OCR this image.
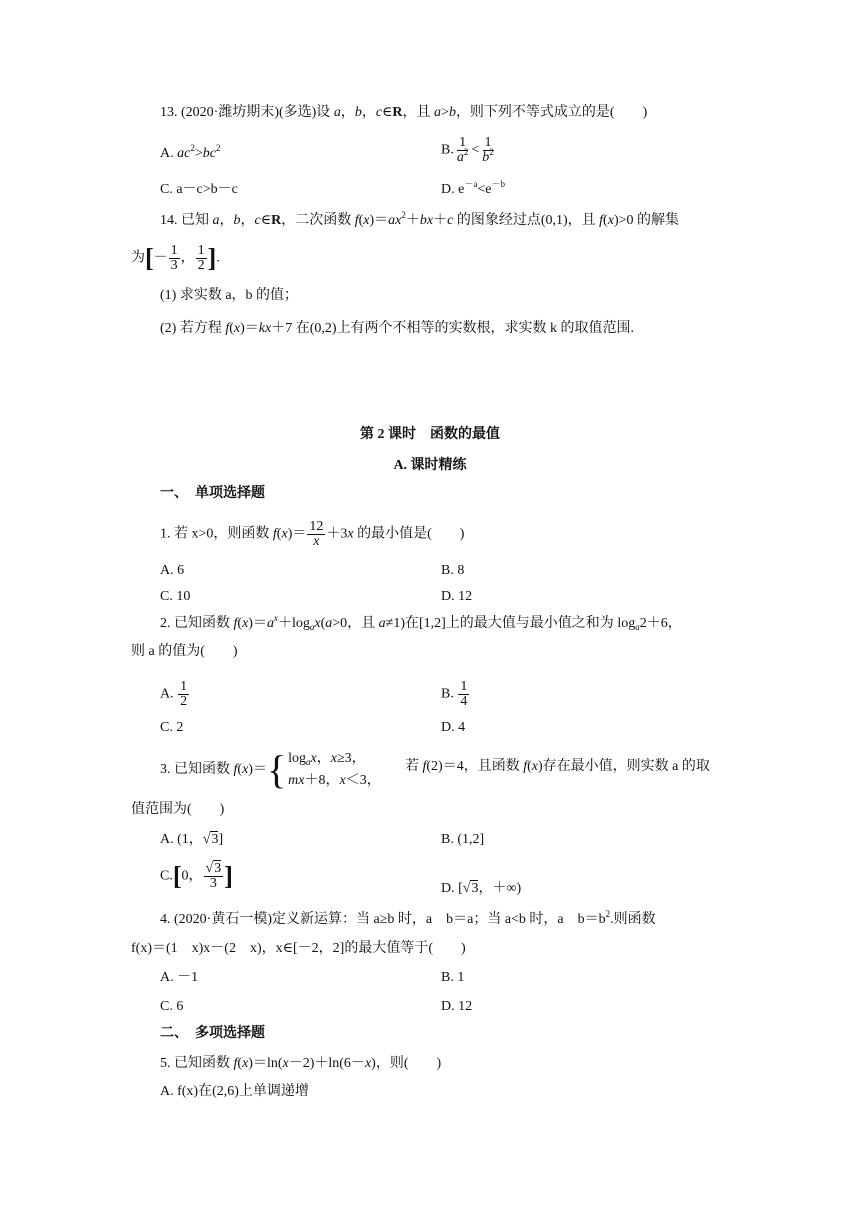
13. (2020·潍坊期末)(多选)设 a，b，c∈R，且 a>b，则下列不等式成立的是(　　)
A. $ac^2>bc^2$	B. $\frac{1}{a^2} < \frac{1}{b^2}$
C. a－c>b－c	D. $e^{-a}<e^{-b}$
14. 已知 a，b，c∈R，二次函数 $f(x)=ax^2+bx+c$ 的图象经过点(0,1)，且 f(x)>0 的解集
为[－ $\frac{1}{3}$ ， $\frac{1}{2}$ ].
(1) 求实数 a，b 的值；
(2) 若方程 f(x)＝kx＋7 在(0,2)上有两个不相等的实数根，求实数 k 的取值范围.
第 2 课时　函数的最值
A. 课时精练
一、　单项选择题
1. 若 x>0，则函数 $f(x)= \frac{12}{x} +3x$ 的最小值是(　　)
A. 6	B. 8
C. 10	D. 12
2. 已知函数 $f(x)=a^x+\log_ax(a>0$，且 a≠1)在[1,2]上的最大值与最小值之和为 $\log_a2+6$，
则 a 的值为(　　)
A. $\frac{1}{2}$	B. $\frac{1}{4}$
C. 2	D. 4
3. 已知函数 f(x)＝ { $\log_ax$，x≥3，
mx＋8，x＜3，
若 f(2)＝4，且函数 f(x)存在最小值，则实数 a 的取
值范围为(　　)
A. (1，√3]	B. (1,2]
C.[0， $\frac{√3}{3}$ ]	D. [√3，＋∞)
4. (2020·黄石一模)定义新运算：当 a≥b 时，a　b＝a；当 a<b 时，a　$b=b^2$.则函数
f(x)＝(1　x)x－(2　x)，x∈[－2，2]的最大值等于(　　)
A. －1	B. 1
C. 6	D. 12
二、　多项选择题
5. 已知函数 f(x)＝ln(x－2)＋ln(6－x)，则(　　)
A. f(x)在(2,6)上单调递增
